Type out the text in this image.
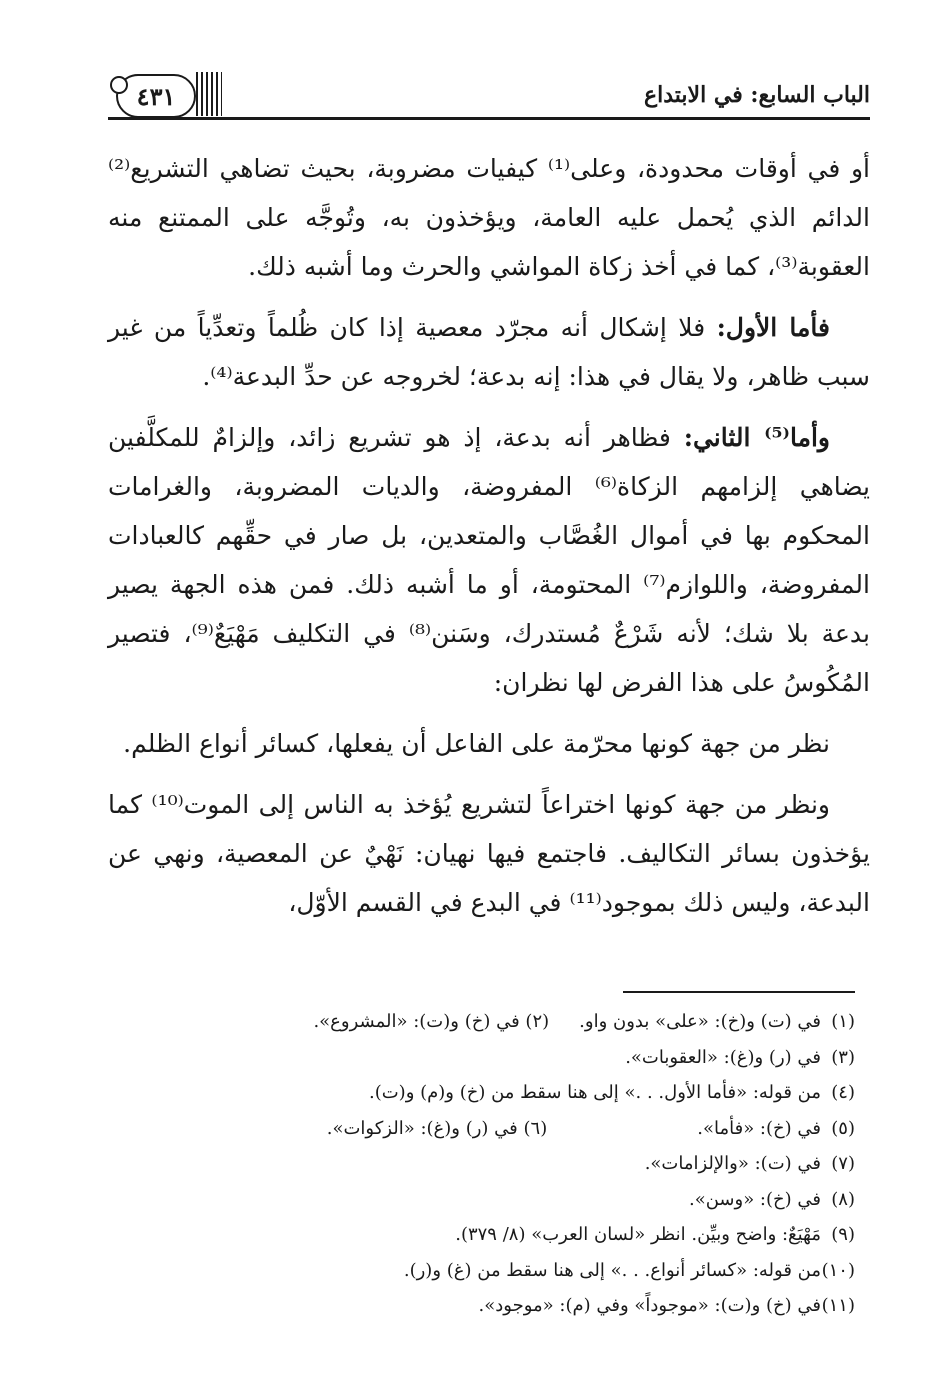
الباب السابع: في الابتداع
٤٣١

أو في أوقات محدودة، وعلى⁽¹⁾ كيفيات مضروبة، بحيث تضاهي التشريع⁽²⁾ الدائم الذي يُحمل عليه العامة، ويؤخذون به، وتُوجَّه على الممتنع منه العقوبة⁽³⁾، كما في أخذ زكاة المواشي والحرث وما أشبه ذلك.

فأما الأول: فلا إشكال أنه مجرّد معصية إذا كان ظُلماً وتعدِّياً من غير سبب ظاهر، ولا يقال في هذا: إنه بدعة؛ لخروجه عن حدِّ البدعة⁽⁴⁾.

وأما⁽⁵⁾ الثاني: فظاهر أنه بدعة، إذ هو تشريع زائد، وإلزامٌ للمكلَّفين يضاهي إلزامهم الزكاة⁽⁶⁾ المفروضة، والديات المضروبة، والغرامات المحكوم بها في أموال الغُصَّاب والمتعدين، بل صار في حقِّهم كالعبادات المفروضة، واللوازم⁽⁷⁾ المحتومة، أو ما أشبه ذلك. فمن هذه الجهة يصير بدعة بلا شك؛ لأنه شَرْعٌ مُستدرك، وسَنن⁽⁸⁾ في التكليف مَهْيَعٌ⁽⁹⁾، فتصير المُكُوسُ على هذا الفرض لها نظران:

نظر من جهة كونها محرّمة على الفاعل أن يفعلها، كسائر أنواع الظلم.

ونظر من جهة كونها اختراعاً لتشريع يُؤخذ به الناس إلى الموت⁽¹⁰⁾ كما يؤخذون بسائر التكاليف. فاجتمع فيها نهيان: نَهْيٌ عن المعصية، ونهي عن البدعة، وليس ذلك بموجود⁽¹¹⁾ في البدع في القسم الأوّل،

(١)في (ت) و(خ): «على» بدون واو.(٢) في (خ) و(ت): «المشروع».
(٣)في (ر) و(غ): «العقوبات».
(٤)من قوله: «فأما الأول. . .» إلى هنا سقط من (خ) و(م) و(ت).
(٥)في (خ): «فأما».(٦) في (ر) و(غ): «الزكوات».
(٧)في (ت): «والإلزامات».
(٨)في (خ): «وسن».
(٩)مَهْيَعٌ: واضح وبيِّن. انظر «لسان العرب» (٨/ ٣٧٩).
(١٠)من قوله: «كسائر أنواع. . .» إلى هنا سقط من (غ) و(ر).
(١١)في (خ) و(ت): «موجوداً» وفي (م): «موجود».
